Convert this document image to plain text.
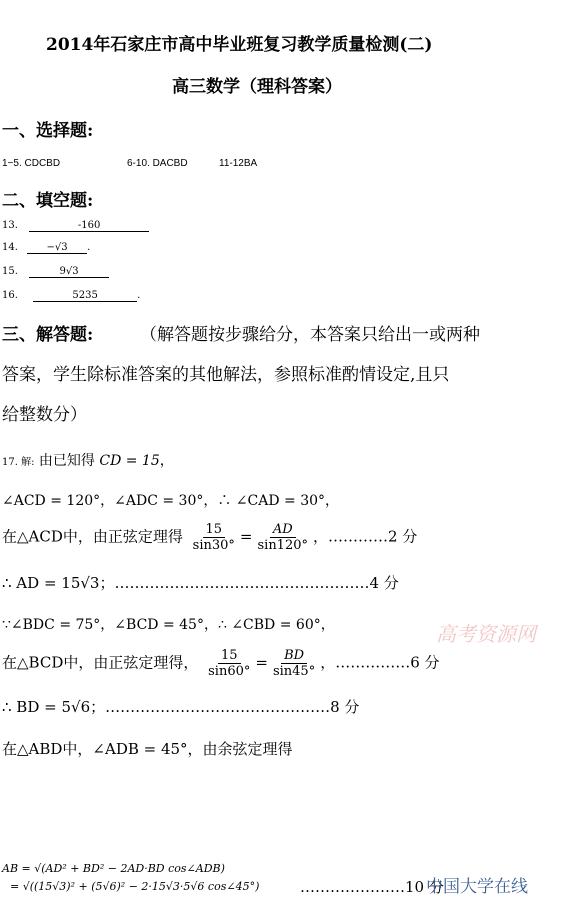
2014年石家庄市高中毕业班复习教学质量检测(二)
高三数学（理科答案）
一、选择题:
1−5. CDCBD	6-10. DACBD	11-12BA
二、填空题:
13.	-160
14.	−√3 .
15.	9√3
16.	5235	.
三、解答题:	（解答题按步骤给分，本答案只给出一或两种
答案，学生除标准答案的其他解法，参照标准酌情设定,且只
给整数分）
17. 解: 由已知得 CD = 15，
∠ACD = 120°，∠ADC = 30°，∴ ∠CAD = 30°，
在△ACD中，由正弦定理得 $\frac{15}{\sin 30^\circ} = \frac{AD}{\sin 120^\circ}$ ，…………2 分
∴ AD = 15√3；……………………………………………4 分
∵∠BDC = 75°，∠BCD = 45°，∴ ∠CBD = 60°，
在△BCD中，由正弦定理得， $\frac{15}{\sin 60^\circ} = \frac{BD}{\sin 45^\circ}$ ，……………6 分
∴ BD = 5√6；………………………………………8 分
在△ABD中，∠ADB = 45°，由余弦定理得
AB = √(AD² + BD² − 2AD·BD cos∠ADB)
= √((15√3)² + (5√6)² − 2·15√3·5√6 cos∠45°)	…………………10 分
高考资源网
中国大学在线
